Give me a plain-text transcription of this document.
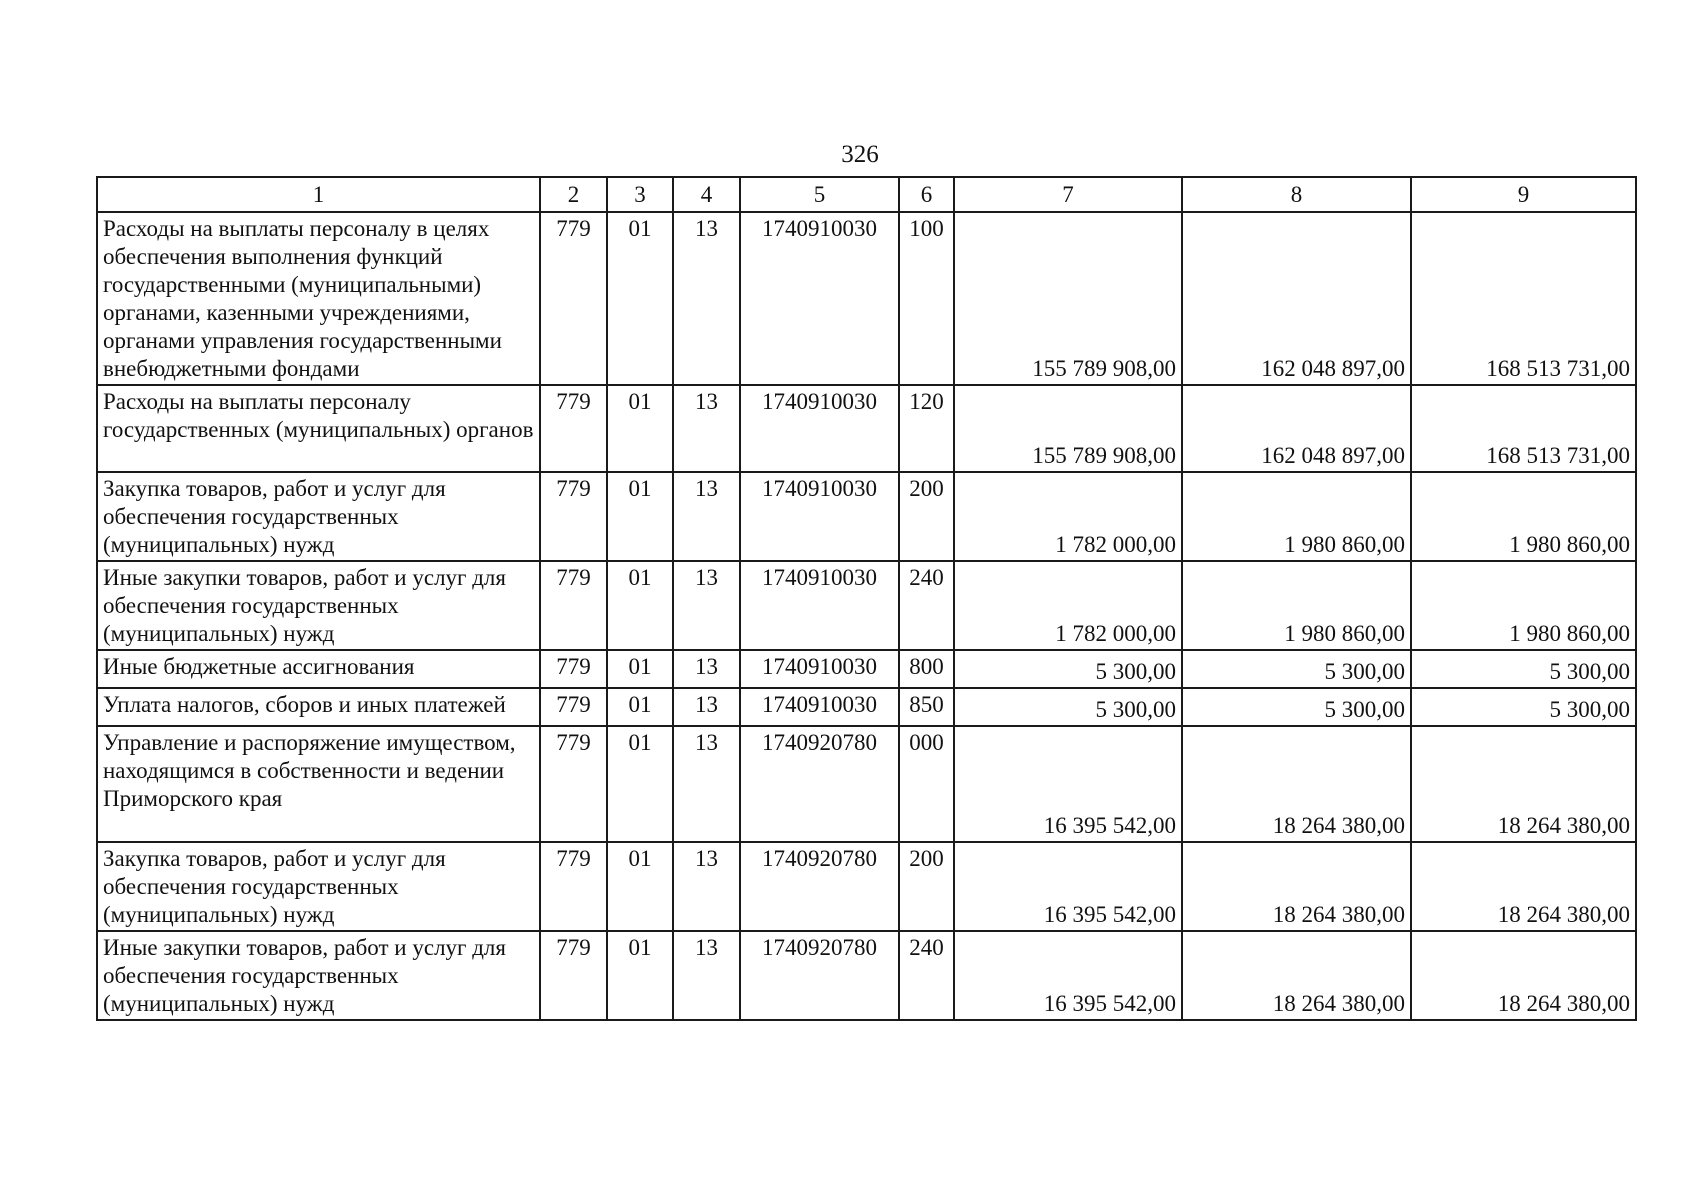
326
1	2	3	4	5	6	7	8	9
Расходы на выплаты персоналу в целях обеспечения выполнения функций государственными (муниципальными) органами, казенными учреждениями, органами управления государственными внебюджетными фондами	779	01	13	1740910030	100	155 789 908,00	162 048 897,00	168 513 731,00
Расходы на выплаты персоналу государственных (муниципальных) органов	779	01	13	1740910030	120	155 789 908,00	162 048 897,00	168 513 731,00
Закупка товаров, работ и услуг для обеспечения государственных (муниципальных) нужд	779	01	13	1740910030	200	1 782 000,00	1 980 860,00	1 980 860,00
Иные закупки товаров, работ и услуг для обеспечения государственных (муниципальных) нужд	779	01	13	1740910030	240	1 782 000,00	1 980 860,00	1 980 860,00
Иные бюджетные ассигнования	779	01	13	1740910030	800	5 300,00	5 300,00	5 300,00
Уплата налогов, сборов и иных платежей	779	01	13	1740910030	850	5 300,00	5 300,00	5 300,00
Управление и распоряжение имуществом, находящимся в собственности и ведении Приморского края	779	01	13	1740920780	000	16 395 542,00	18 264 380,00	18 264 380,00
Закупка товаров, работ и услуг для обеспечения государственных (муниципальных) нужд	779	01	13	1740920780	200	16 395 542,00	18 264 380,00	18 264 380,00
Иные закупки товаров, работ и услуг для обеспечения государственных (муниципальных) нужд	779	01	13	1740920780	240	16 395 542,00	18 264 380,00	18 264 380,00
